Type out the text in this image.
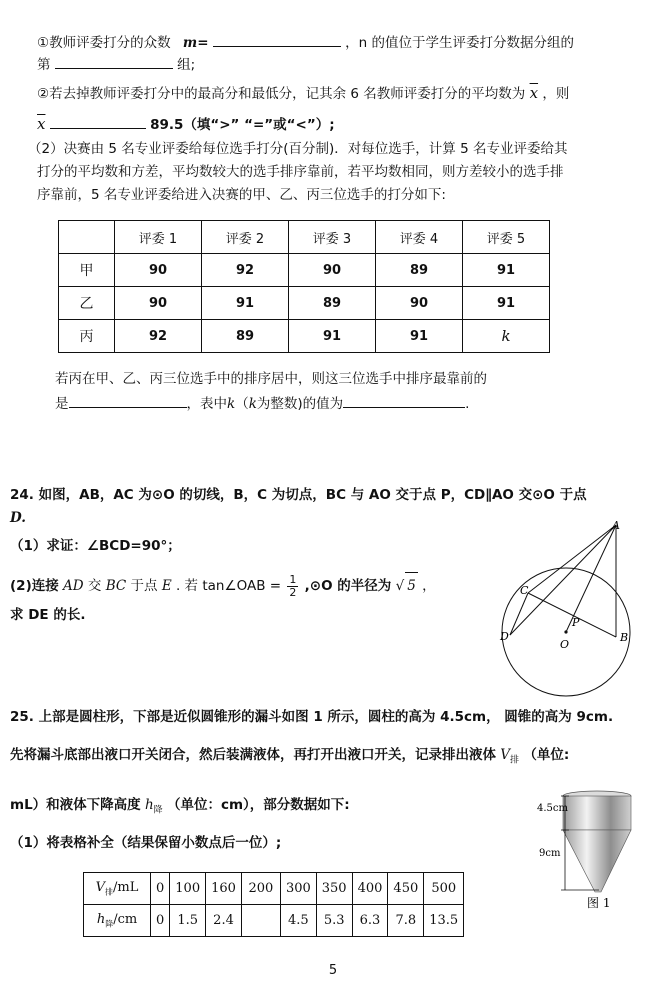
①教师评委打分的众数 m=	，n 的值位于学生评委打分数据分组的
第	组;
②若去掉教师评委打分中的最高分和最低分，记其余 6 名教师评委打分的平均数为 $\overline{x}$ ，则
$\overline{x}$	89.5（填“>” “=”或“<”）;
（2）决赛由 5 名专业评委给每位选手打分(百分制)．对每位选手，计算 5 名专业评委给其
打分的平均数和方差，平均数较大的选手排序靠前，若平均数相同，则方差较小的选手排
序靠前，5 名专业评委给进入决赛的甲、乙、丙三位选手的打分如下:
	评委 1	评委 2	评委 3	评委 4	评委 5
甲	90	92	90	89	91
乙	90	91	89	90	91
丙	92	89	91	91	k
若丙在甲、乙、丙三位选手中的排序居中，则这三位选手中排序最靠前的
是	，表中k（k为整数)的值为	.
24. 如图，AB，AC 为⊙O 的切线，B，C 为切点，BC 与 AO 交于点 P，CD∥AO 交⊙O 于点
D.
（1）求证：∠BCD=90°；
(2)连接 AD 交 BC 于点 E . 若 tan∠OAB = $\frac{1}{2}$ ,⊙O 的半径为 √ 5 ，
求 DE 的长.
A
C
P
D
O
B
25. 上部是圆柱形，下部是近似圆锥形的漏斗如图 1 所示，圆柱的高为 4.5cm， 圆锥的高为 9cm.
先将漏斗底部出液口开关闭合，然后装满液体，再打开出液口开关，记录排出液体 $V_排$ （单位:
mL）和液体下降高度 $h_降$ （单位：cm），部分数据如下:
（1）将表格补全（结果保留小数点后一位）;
4.5cm
9cm
图 1
$V_排/mL$	0	100	160	200	300	350	400	450	500
$h_降/cm$	0	1.5	2.4		4.5	5.3	6.3	7.8	13.5
5
